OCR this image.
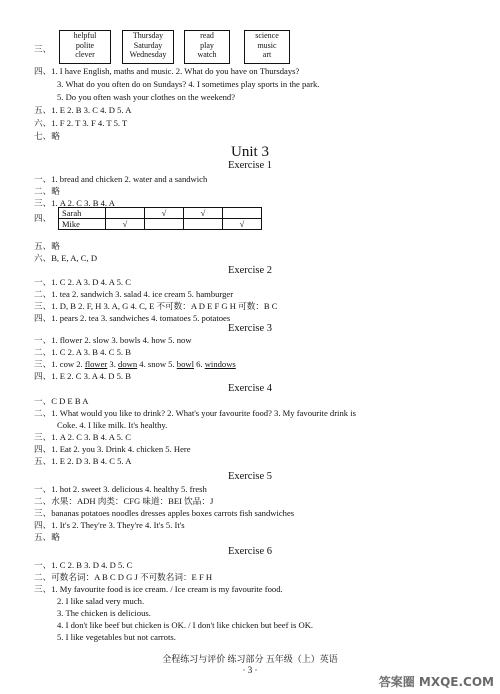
三、
helpful
polite
clever
Thursday
Saturday
Wednesday
read
play
watch
science
music
art
四、1. I have English, maths and music. 2. What do you have on Thursdays?
3. What do you often do on Sundays? 4. I sometimes play sports in the park.
5. Do you often wash your clothes on the weekend?
五、1. E 2. B 3. C 4. D 5. A
六、1. F 2. T 3. F 4. T 5. T
七、略
Unit 3
Exercise 1
一、1. bread and chicken 2. water and a sandwich
二、略
三、1. A 2. C 3. B 4. A
四、 Sarah		√	√	
Mike	√			√
五、略
六、B, E, A, C, D
Exercise 2
一、1. C 2. A 3. D 4. A 5. C
二、1. tea 2. sandwich 3. salad 4. ice cream 5. hamburger
三、1. D, B 2. F, H 3. A, G 4. C, E 不可数：A D E F G H 可数：B C
四、1. pears 2. tea 3. sandwiches 4. tomatoes 5. potatoes
Exercise 3
一、1. flower 2. slow 3. bowls 4. how 5. now
二、1. C 2. A 3. B 4. C 5. B
三、1. cow 2. flower 3. down 4. snow 5. bowl 6. windows
四、1. E 2. C 3. A 4. D 5. B
Exercise 4
一、C D E B A
二、1. What would you like to drink? 2. What's your favourite food? 3. My favourite drink is
Coke. 4. I like milk. It's healthy.
三、1. A 2. C 3. B 4. A 5. C
四、1. Eat 2. you 3. Drink 4. chicken 5. Here
五、1. E 2. D 3. B 4. C 5. A
Exercise 5
一、1. hot 2. sweet 3. delicious 4. healthy 5. fresh
二、水果：ADH 肉类：CFG 味道：BEI 饮品：J
三、bananas potatoes noodles dresses apples boxes carrots fish sandwiches
四、1. It's 2. They're 3. They're 4. It's 5. It's
五、略
Exercise 6
一、1. C 2. B 3. D 4. D 5. C
二、可数名词：A B C D G J 不可数名词：E F H
三、1. My favourite food is ice cream. / Ice cream is my favourite food.
2. I like salad very much.
3. The chicken is delicious.
4. I don't like beef but chicken is OK. / I don't like chicken but beef is OK.
5. I like vegetables but not carrots.
全程练习与评价 练习部分 五年级（上）英语
· 3 ·
答案圈 MXQE.COM
